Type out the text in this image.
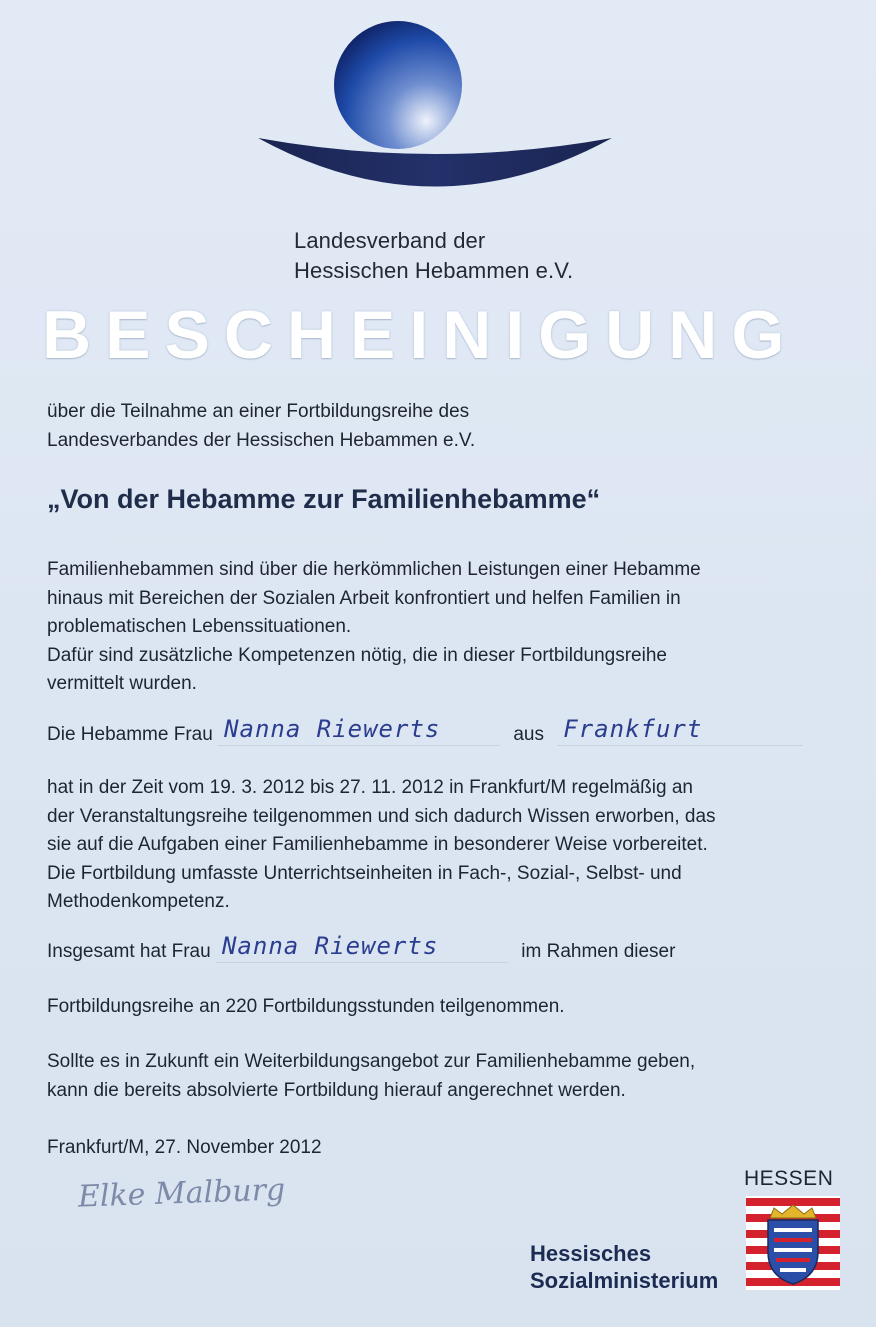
Landesverband der
Hessischen Hebammen e.V.
BESCHEINIGUNG
über die Teilnahme an einer Fortbildungsreihe des
Landesverbandes der Hessischen Hebammen e.V.
„Von der Hebamme zur Familienhebamme“
Familienhebammen sind über die herkömmlichen Leistungen einer Hebamme
hinaus mit Bereichen der Sozialen Arbeit konfrontiert und helfen Familien in
problematischen Lebenssituationen.
Dafür sind zusätzliche Kompetenzen nötig, die in dieser Fortbildungsreihe
vermittelt wurden.
Die Hebamme Frau Nanna Riewerts	aus Frankfurt
hat in der Zeit vom 19. 3. 2012 bis 27. 11. 2012 in Frankfurt/M regelmäßig an
der Veranstaltungsreihe teilgenommen und sich dadurch Wissen erworben, das
sie auf die Aufgaben einer Familienhebamme in besonderer Weise vorbereitet.
Die Fortbildung umfasste Unterrichtseinheiten in Fach-, Sozial-, Selbst- und
Methodenkompetenz.
Insgesamt hat Frau Nanna Riewerts	im Rahmen dieser
Fortbildungsreihe an 220 Fortbildungsstunden teilgenommen.
Sollte es in Zukunft ein Weiterbildungsangebot zur Familienhebamme geben,
kann die bereits absolvierte Fortbildung hierauf angerechnet werden.
Frankfurt/M, 27. November 2012
Elke Malburg
Hessisches
Sozialministerium
HESSEN
